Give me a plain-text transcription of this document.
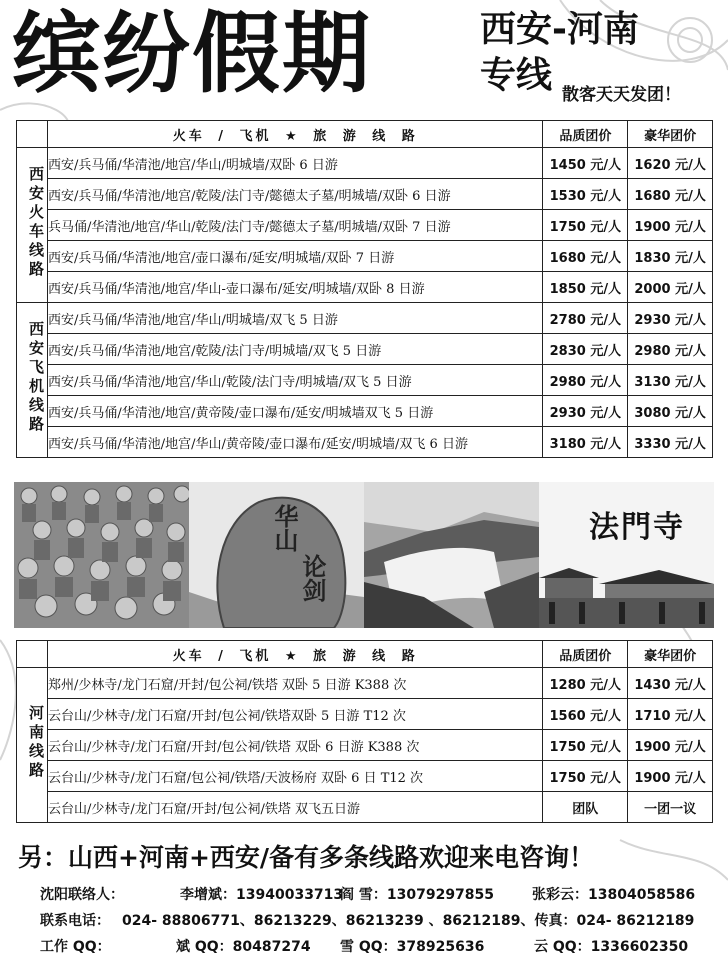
缤纷假期	西安-河南
专线 散客天天发团！
	火车 / 飞机 ★ 旅 游 线 路	品质团价	豪华团价
西安火车线路	西安/兵马俑/华清池/地宫/华山/明城墙/双卧 6 日游	1450 元/人	1620 元/人
	西安/兵马俑/华清池/地宫/乾陵/法门寺/懿德太子墓/明城墙/双卧 6 日游	1530 元/人	1680 元/人
	兵马俑/华清池/地宫/华山/乾陵/法门寺/懿德太子墓/明城墙/双卧 7 日游	1750 元/人	1900 元/人
	西安/兵马俑/华清池/地宫/壶口瀑布/延安/明城墙/双卧 7 日游	1680 元/人	1830 元/人
	西安/兵马俑/华清池/地宫/华山-壶口瀑布/延安/明城墙/双卧 8 日游	1850 元/人	2000 元/人
西安飞机线路	西安/兵马俑/华清池/地宫/华山/明城墙/双飞 5 日游	2780 元/人	2930 元/人
	西安/兵马俑/华清池/地宫/乾陵/法门寺/明城墙/双飞 5 日游	2830 元/人	2980 元/人
	西安/兵马俑/华清池/地宫/华山/乾陵/法门寺/明城墙/双飞 5 日游	2980 元/人	3130 元/人
	西安/兵马俑/华清池/地宫/黄帝陵/壶口瀑布/延安/明城墙双飞 5 日游	2930 元/人	3080 元/人
	西安/兵马俑/华清池/地宫/华山/黄帝陵/壶口瀑布/延安/明城墙/双飞 6 日游	3180 元/人	3330 元/人
华山
论剑
法門寺
	火车 / 飞机 ★ 旅 游 线 路	品质团价	豪华团价
河南线路	郑州/少林寺/龙门石窟/开封/包公祠/铁塔 双卧 5 日游 K388 次	1280 元/人	1430 元/人
	云台山/少林寺/龙门石窟/开封/包公祠/铁塔双卧 5 日游 T12 次	1560 元/人	1710 元/人
	云台山/少林寺/龙门石窟/开封/包公祠/铁塔 双卧 6 日游 K388 次	1750 元/人	1900 元/人
	云台山/少林寺/龙门石窟/包公祠/铁塔/天波杨府 双卧 6 日 T12 次	1750 元/人	1900 元/人
	云台山/少林寺/龙门石窟/开封/包公祠/铁塔 双飞五日游	团队	一团一议
另：山西+河南+西安/备有多条线路欢迎来电咨询！
沈阳联络人：	李增斌：13940033713
阎 雪：13079297855	张彩云：13804058586
联系电话： 024- 88806771、86213229、86213239 、86212189、传真：024- 86212189
工作 QQ：	斌 QQ：80487274 雪 QQ：378925636	云 QQ：1336602350
